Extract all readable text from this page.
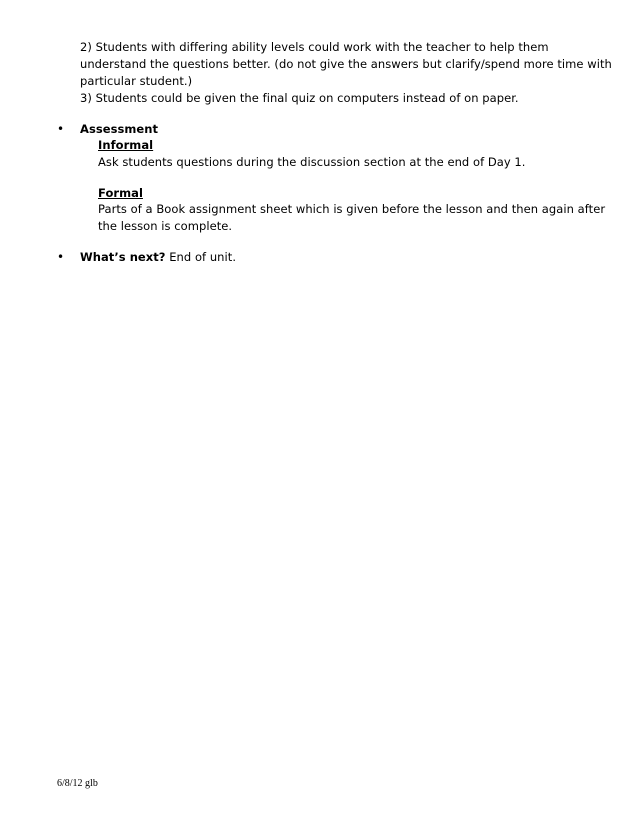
2) Students with differing ability levels could work with the teacher to help them
understand the questions better. (do not give the answers but clarify/spend more time with
particular student.)
3) Students could be given the final quiz on computers instead of on paper.
• Assessment
Informal
Ask students questions during the discussion section at the end of Day 1.
Formal
Parts of a Book assignment sheet which is given before the lesson and then again after
the lesson is complete.
• What’s next? End of unit.
6/8/12 glb
